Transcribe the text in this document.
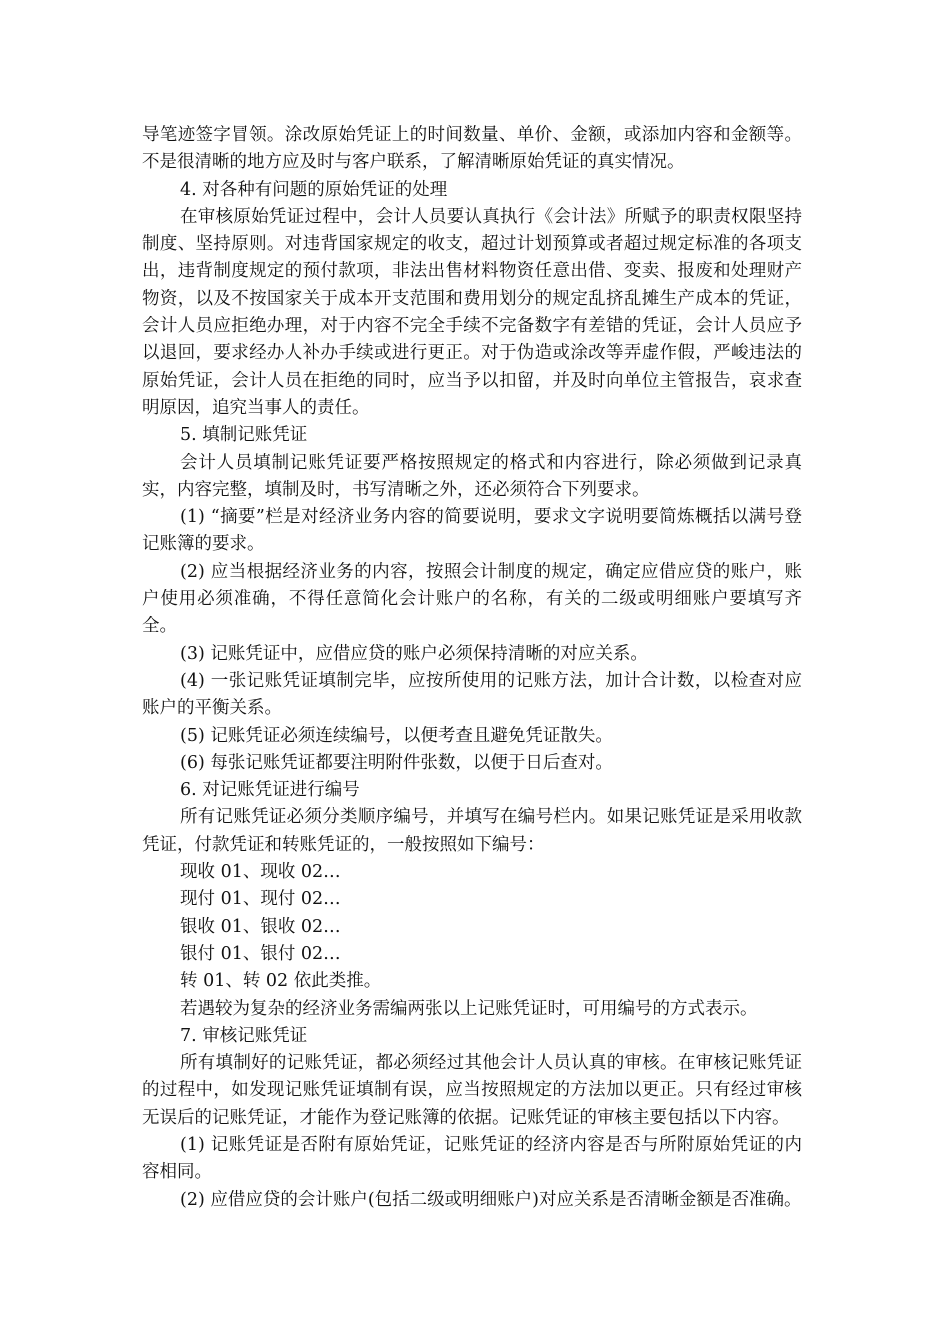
导笔迹签字冒领。涂改原始凭证上的时间数量、单价、金额，或添加内容和金额等。不是很清晰的地方应及时与客户联系，了解清晰原始凭证的真实情况。

4. 对各种有问题的原始凭证的处理

在审核原始凭证过程中，会计人员要认真执行《会计法》所赋予的职责权限坚持制度、坚持原则。对违背国家规定的收支，超过计划预算或者超过规定标准的各项支出，违背制度规定的预付款项，非法出售材料物资任意出借、变卖、报废和处理财产物资，以及不按国家关于成本开支范围和费用划分的规定乱挤乱摊生产成本的凭证，会计人员应拒绝办理，对于内容不完全手续不完备数字有差错的凭证，会计人员应予以退回，要求经办人补办手续或进行更正。对于伪造或涂改等弄虚作假，严峻违法的原始凭证，会计人员在拒绝的同时，应当予以扣留，并及时向单位主管报告，哀求查明原因，追究当事人的责任。

5. 填制记账凭证

会计人员填制记账凭证要严格按照规定的格式和内容进行，除必须做到记录真实，内容完整，填制及时，书写清晰之外，还必须符合下列要求。

(1) “摘要”栏是对经济业务内容的简要说明，要求文字说明要简炼概括以满号登记账簿的要求。

(2) 应当根据经济业务的内容，按照会计制度的规定，确定应借应贷的账户，账户使用必须准确，不得任意简化会计账户的名称，有关的二级或明细账户要填写齐全。

(3) 记账凭证中，应借应贷的账户必须保持清晰的对应关系。

(4) 一张记账凭证填制完毕，应按所使用的记账方法，加计合计数，以检查对应账户的平衡关系。

(5) 记账凭证必须连续编号，以便考查且避免凭证散失。

(6) 每张记账凭证都要注明附件张数，以便于日后查对。

6. 对记账凭证进行编号

所有记账凭证必须分类顺序编号，并填写在编号栏内。如果记账凭证是采用收款凭证，付款凭证和转账凭证的，一般按照如下编号：

现收 01、现收 02…

现付 01、现付 02…

银收 01、银收 02…

银付 01、银付 02…

转 01、转 02 依此类推。

若遇较为复杂的经济业务需编两张以上记账凭证时，可用编号的方式表示。

7. 审核记账凭证

所有填制好的记账凭证，都必须经过其他会计人员认真的审核。在审核记账凭证的过程中，如发现记账凭证填制有误，应当按照规定的方法加以更正。只有经过审核无误后的记账凭证，才能作为登记账簿的依据。记账凭证的审核主要包括以下内容。

(1) 记账凭证是否附有原始凭证，记账凭证的经济内容是否与所附原始凭证的内容相同。

(2) 应借应贷的会计账户(包括二级或明细账户)对应关系是否清晰金额是否准确。
